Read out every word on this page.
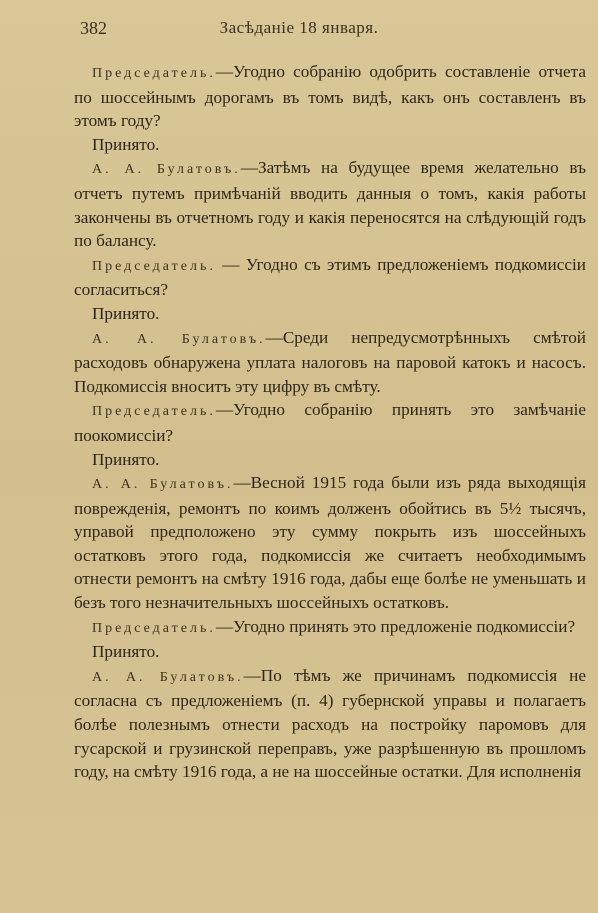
382	Засѣданіе 18 января.

Председатель.—Угодно собранію одобрить составленіе отчета по шоссейнымъ дорогамъ въ томъ видѣ, какъ онъ составленъ въ этомъ году?

Принято.

А. А. Булатовъ.—Затѣмъ на будущее время желательно въ отчетъ путемъ примѣчаній вводить данныя о томъ, какія работы закончены въ отчетномъ году и какія переносятся на слѣдующій годъ по балансу.

Председатель. — Угодно съ этимъ предложеніемъ подкомиссіи согласиться?

Принято.

А. А. Булатовъ.—Среди непредусмотрѣнныхъ смѣтой расходовъ обнаружена уплата налоговъ на паровой катокъ и насосъ. Подкомиссія вноситъ эту цифру въ смѣту.

Председатель.—Угодно собранію принять это замѣчаніе поокомиссіи?

Принято.

А. А. Булатовъ.—Весной 1915 года были изъ ряда выходящія поврежденія, ремонтъ по коимъ долженъ обойтись въ 5½ тысячъ, управой предположено эту сумму покрыть изъ шоссейныхъ остатковъ этого года, подкомиссія же считаетъ необходимымъ отнести ремонтъ на смѣту 1916 года, дабы еще болѣе не уменьшать и безъ того незначительныхъ шоссейныхъ остатковъ.

Председатель.—Угодно принять это предложеніе подкомиссіи?

Принято.

А. А. Булатовъ.—По тѣмъ же причинамъ подкомиссія не согласна съ предложеніемъ (п. 4) губернской управы и полагаетъ болѣе полезнымъ отнести расходъ на постройку паромовъ для гусарской и грузинской переправъ, уже разрѣшенную въ прошломъ году, на смѣту 1916 года, а не на шоссейные остатки. Для исполненія
